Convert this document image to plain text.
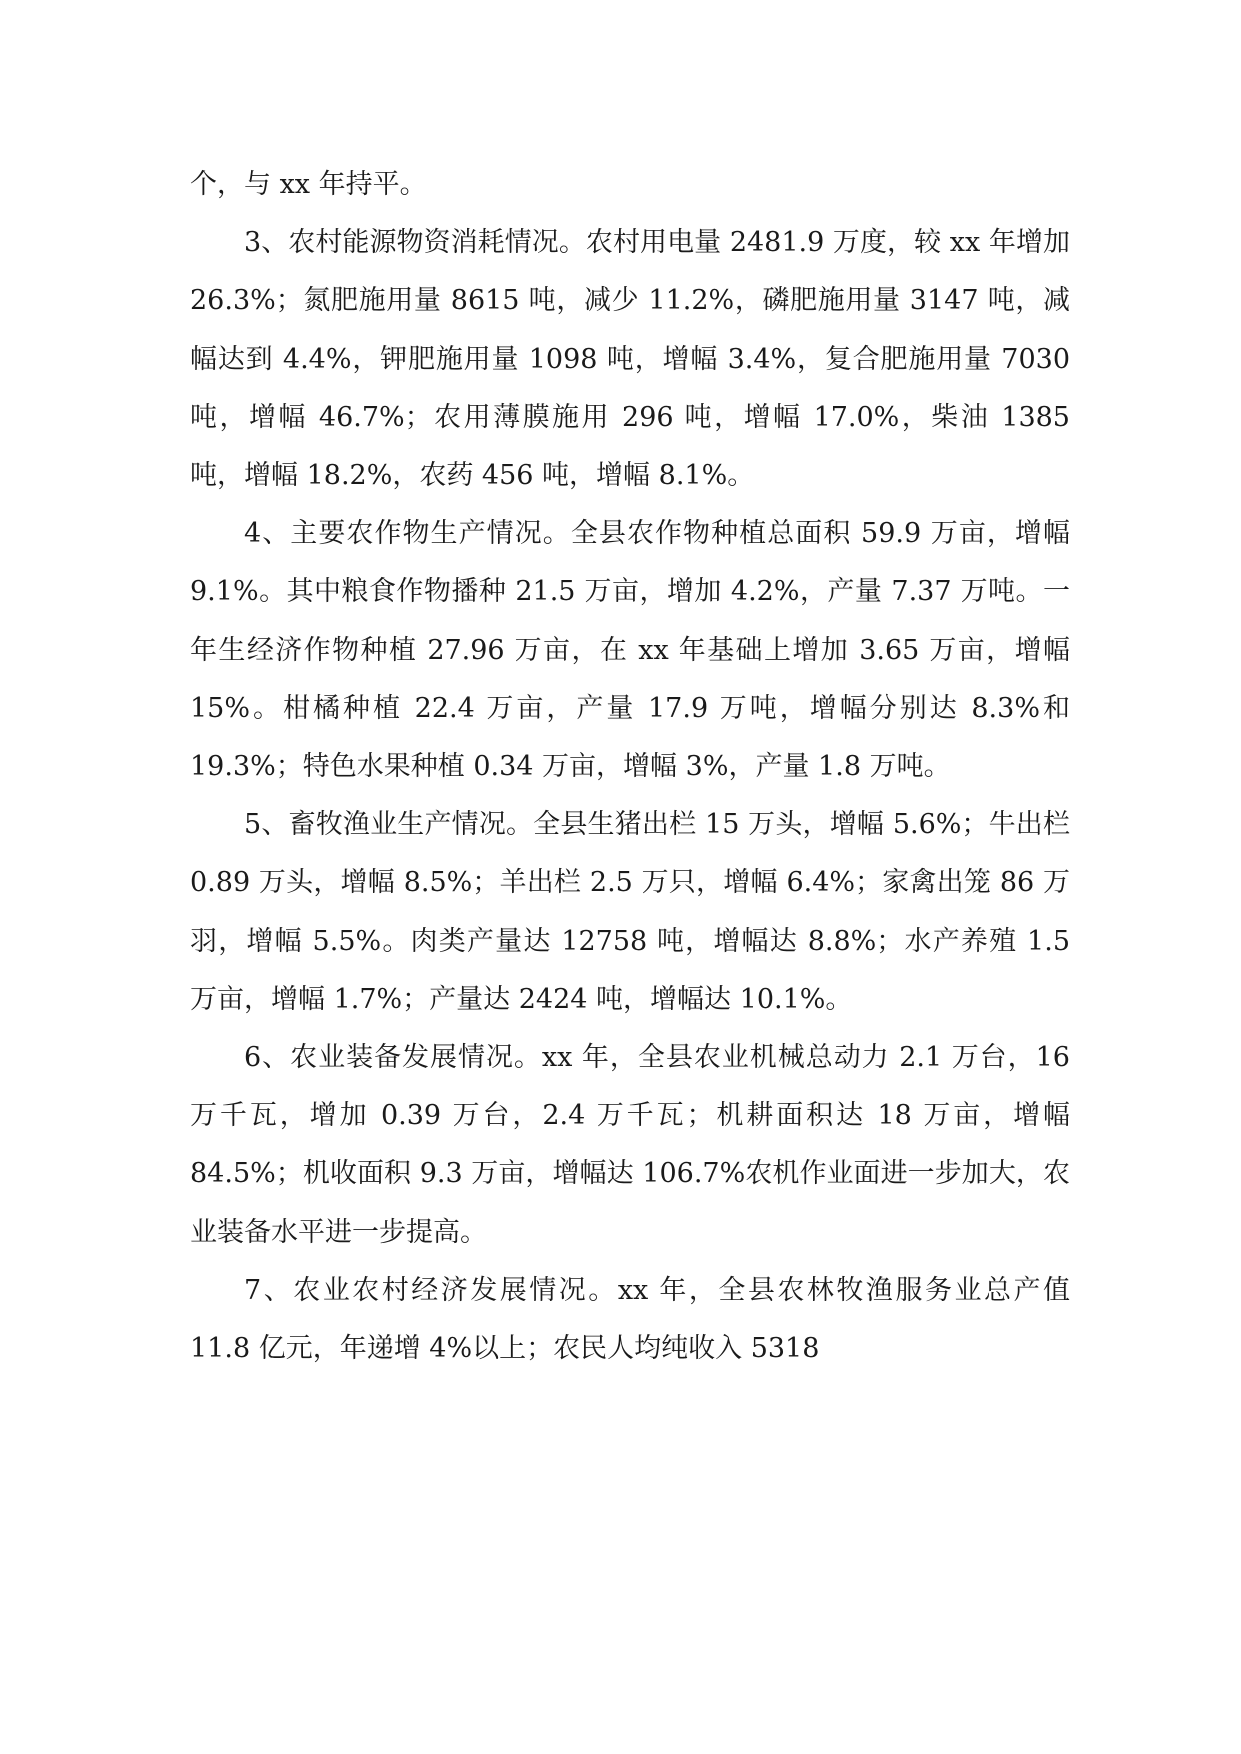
个，与 xx 年持平。

3、农村能源物资消耗情况。农村用电量 2481.9 万度，较 xx 年增加 26.3%；氮肥施用量 8615 吨，减少 11.2%，磷肥施用量 3147 吨，减幅达到 4.4%，钾肥施用量 1098 吨，增幅 3.4%，复合肥施用量 7030 吨，增幅 46.7%；农用薄膜施用 296 吨，增幅 17.0%，柴油 1385 吨，增幅 18.2%，农药 456 吨，增幅 8.1%。

4、主要农作物生产情况。全县农作物种植总面积 59.9 万亩，增幅 9.1%。其中粮食作物播种 21.5 万亩，增加 4.2%，产量 7.37 万吨。一年生经济作物种植 27.96 万亩，在 xx 年基础上增加 3.65 万亩，增幅 15%。柑橘种植 22.4 万亩，产量 17.9 万吨，增幅分别达 8.3%和 19.3%；特色水果种植 0.34 万亩，增幅 3%，产量 1.8 万吨。

5、畜牧渔业生产情况。全县生猪出栏 15 万头，增幅 5.6%；牛出栏 0.89 万头，增幅 8.5%；羊出栏 2.5 万只，增幅 6.4%；家禽出笼 86 万羽，增幅 5.5%。肉类产量达 12758 吨，增幅达 8.8%；水产养殖 1.5 万亩，增幅 1.7%；产量达 2424 吨，增幅达 10.1%。

6、农业装备发展情况。xx 年，全县农业机械总动力 2.1 万台，16 万千瓦，增加 0.39 万台，2.4 万千瓦；机耕面积达 18 万亩，增幅 84.5%；机收面积 9.3 万亩，增幅达 106.7%农机作业面进一步加大，农业装备水平进一步提高。

7、农业农村经济发展情况。xx 年，全县农林牧渔服务业总产值 11.8 亿元，年递增 4%以上；农民人均纯收入 5318
